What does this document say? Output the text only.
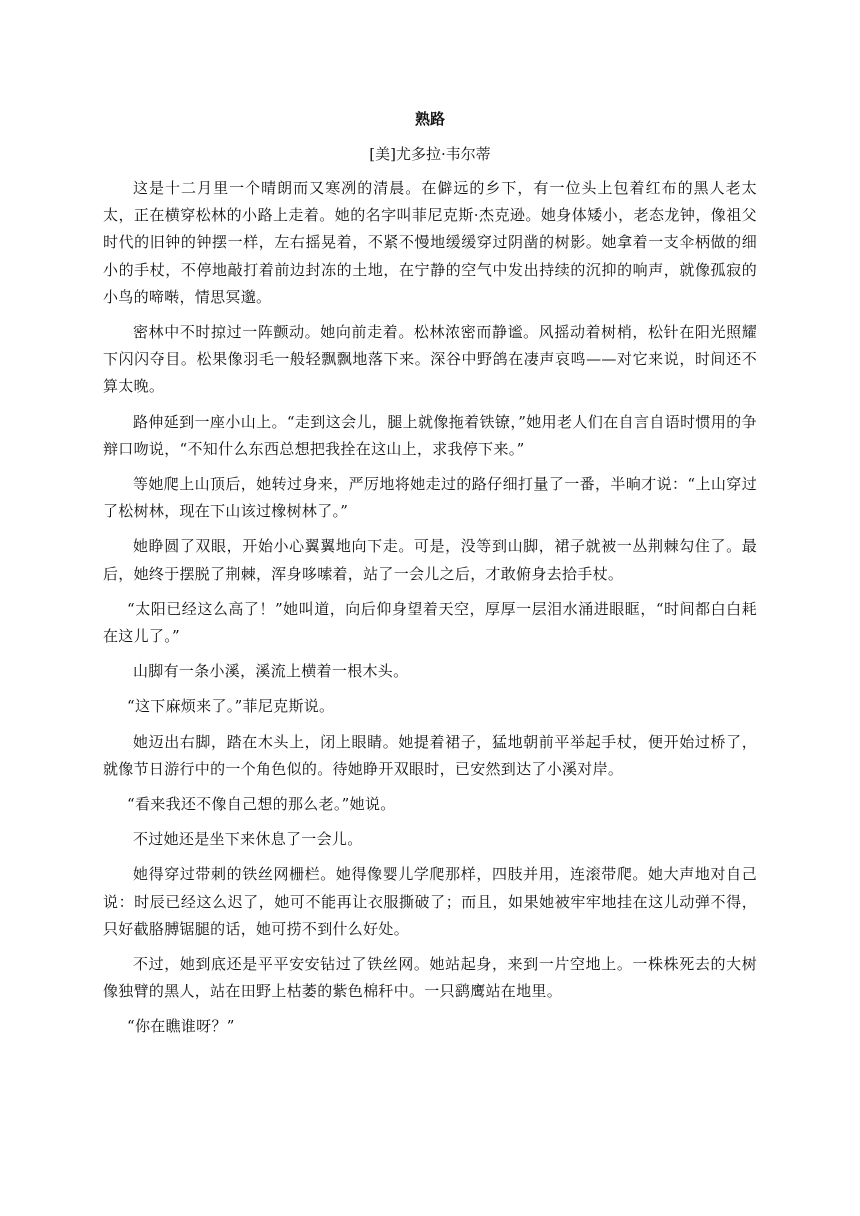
熟路
[美]尤多拉·韦尔蒂

这是十二月里一个晴朗而又寒冽的清晨。在僻远的乡下，有一位头上包着红布的黑人老太太，正在横穿松林的小路上走着。她的名字叫菲尼克斯·杰克逊。她身体矮小，老态龙钟，像祖父时代的旧钟的钟摆一样，左右摇晃着，不紧不慢地缓缓穿过阴凿的树影。她拿着一支伞柄做的细小的手杖，不停地敲打着前边封冻的土地，在宁静的空气中发出持续的沉抑的响声，就像孤寂的小鸟的啼啭，情思冥邈。

密林中不时掠过一阵颤动。她向前走着。松林浓密而静谧。风摇动着树梢，松针在阳光照耀下闪闪夺目。松果像羽毛一般轻飘飘地落下来。深谷中野鸽在凄声哀鸣——对它来说，时间还不算太晚。

路伸延到一座小山上。“走到这会儿，腿上就像拖着铁镣，”她用老人们在自言自语时惯用的争辩口吻说，“不知什么东西总想把我拴在这山上，求我停下来。”

等她爬上山顶后，她转过身来，严厉地将她走过的路仔细打量了一番，半晌才说：“上山穿过了松树林，现在下山该过橡树林了。”

她睁圆了双眼，开始小心翼翼地向下走。可是，没等到山脚，裙子就被一丛荆棘勾住了。最后，她终于摆脱了荆棘，浑身哆嗦着，站了一会儿之后，才敢俯身去拾手杖。

“太阳已经这么高了！”她叫道，向后仰身望着天空，厚厚一层泪水涌进眼眶，“时间都白白耗在这儿了。”

山脚有一条小溪，溪流上横着一根木头。

“这下麻烦来了。”菲尼克斯说。

她迈出右脚，踏在木头上，闭上眼睛。她提着裙子，猛地朝前平举起手杖，便开始过桥了，就像节日游行中的一个角色似的。待她睁开双眼时，已安然到达了小溪对岸。

“看来我还不像自己想的那么老。”她说。

不过她还是坐下来休息了一会儿。

她得穿过带刺的铁丝网栅栏。她得像婴儿学爬那样，四肢并用，连滚带爬。她大声地对自己说：时辰已经这么迟了，她可不能再让衣服撕破了；而且，如果她被牢牢地挂在这儿动弹不得，只好截胳膊锯腿的话，她可捞不到什么好处。

不过，她到底还是平平安安钻过了铁丝网。她站起身，来到一片空地上。一株株死去的大树像独臂的黑人，站在田野上枯萎的紫色棉秆中。一只鹞鹰站在地里。

“你在瞧谁呀？”
